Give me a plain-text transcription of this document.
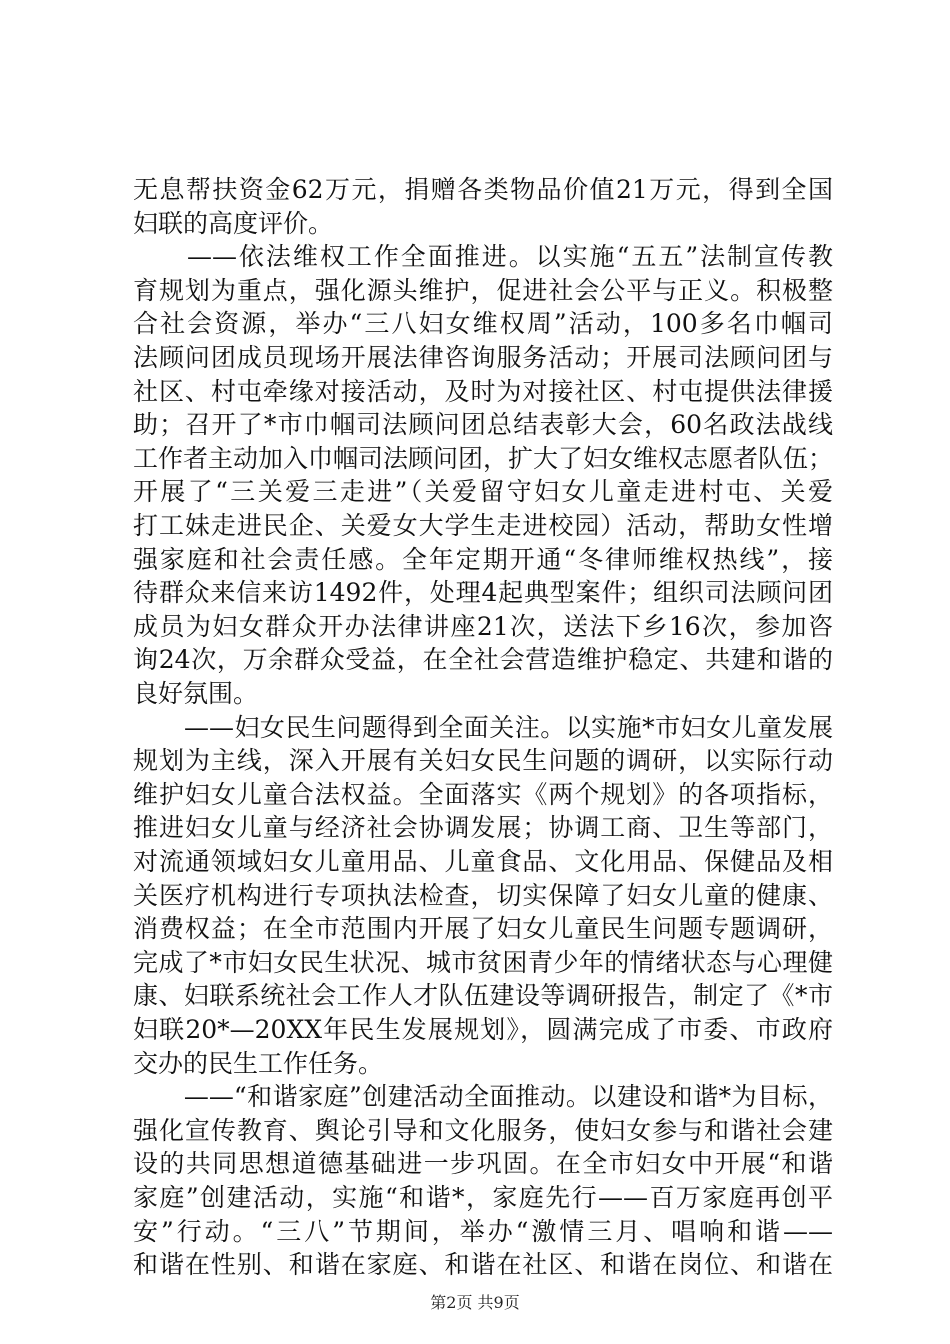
无息帮扶资金62万元，捐赠各类物品价值21万元，得到全国
妇联的高度评价。
　　——依法维权工作全面推进。以实施“五五”法制宣传教
育规划为重点，强化源头维护，促进社会公平与正义。积极整
合社会资源，举办“三八妇女维权周”活动，100多名巾帼司
法顾问团成员现场开展法律咨询服务活动；开展司法顾问团与
社区、村屯牵缘对接活动，及时为对接社区、村屯提供法律援
助；召开了*市巾帼司法顾问团总结表彰大会，60名政法战线
工作者主动加入巾帼司法顾问团，扩大了妇女维权志愿者队伍；
开展了“三关爱三走进”（关爱留守妇女儿童走进村屯、关爱
打工妹走进民企、关爱女大学生走进校园）活动，帮助女性增
强家庭和社会责任感。全年定期开通“冬律师维权热线”，接
待群众来信来访1492件，处理4起典型案件；组织司法顾问团
成员为妇女群众开办法律讲座21次，送法下乡16次，参加咨
询24次，万余群众受益，在全社会营造维护稳定、共建和谐的
良好氛围。
　　——妇女民生问题得到全面关注。以实施*市妇女儿童发展
规划为主线，深入开展有关妇女民生问题的调研，以实际行动
维护妇女儿童合法权益。全面落实《两个规划》的各项指标，
推进妇女儿童与经济社会协调发展；协调工商、卫生等部门，
对流通领域妇女儿童用品、儿童食品、文化用品、保健品及相
关医疗机构进行专项执法检查，切实保障了妇女儿童的健康、
消费权益；在全市范围内开展了妇女儿童民生问题专题调研，
完成了*市妇女民生状况、城市贫困青少年的情绪状态与心理健
康、妇联系统社会工作人才队伍建设等调研报告，制定了《*市
妇联20*—20XX年民生发展规划》，圆满完成了市委、市政府
交办的民生工作任务。
　　——“和谐家庭”创建活动全面推动。以建设和谐*为目标，
强化宣传教育、舆论引导和文化服务，使妇女参与和谐社会建
设的共同思想道德基础进一步巩固。在全市妇女中开展“和谐
家庭”创建活动，实施“和谐*，家庭先行——百万家庭再创平
安”行动。“三八”节期间，举办“激情三月、唱响和谐——
和谐在性别、和谐在家庭、和谐在社区、和谐在岗位、和谐在
第2页 共9页
